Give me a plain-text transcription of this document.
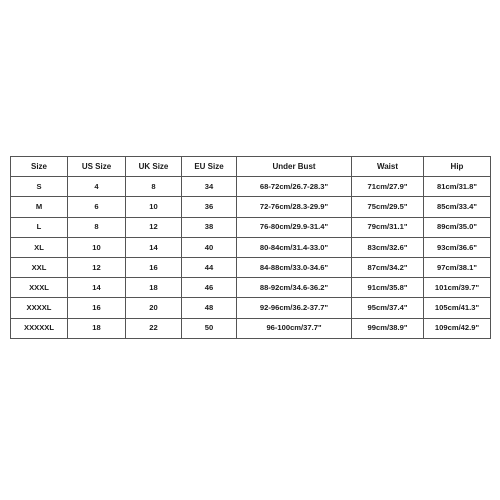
Size	US Size	UK Size	EU Size	Under Bust	Waist	Hip
S	4	8	34	68-72cm/26.7-28.3"	71cm/27.9"	81cm/31.8"
M	6	10	36	72-76cm/28.3-29.9"	75cm/29.5"	85cm/33.4"
L	8	12	38	76-80cm/29.9-31.4"	79cm/31.1"	89cm/35.0"
XL	10	14	40	80-84cm/31.4-33.0"	83cm/32.6"	93cm/36.6"
XXL	12	16	44	84-88cm/33.0-34.6"	87cm/34.2"	97cm/38.1"
XXXL	14	18	46	88-92cm/34.6-36.2"	91cm/35.8"	101cm/39.7"
XXXXL	16	20	48	92-96cm/36.2-37.7"	95cm/37.4"	105cm/41.3"
XXXXXL	18	22	50	96-100cm/37.7"	99cm/38.9"	109cm/42.9"
